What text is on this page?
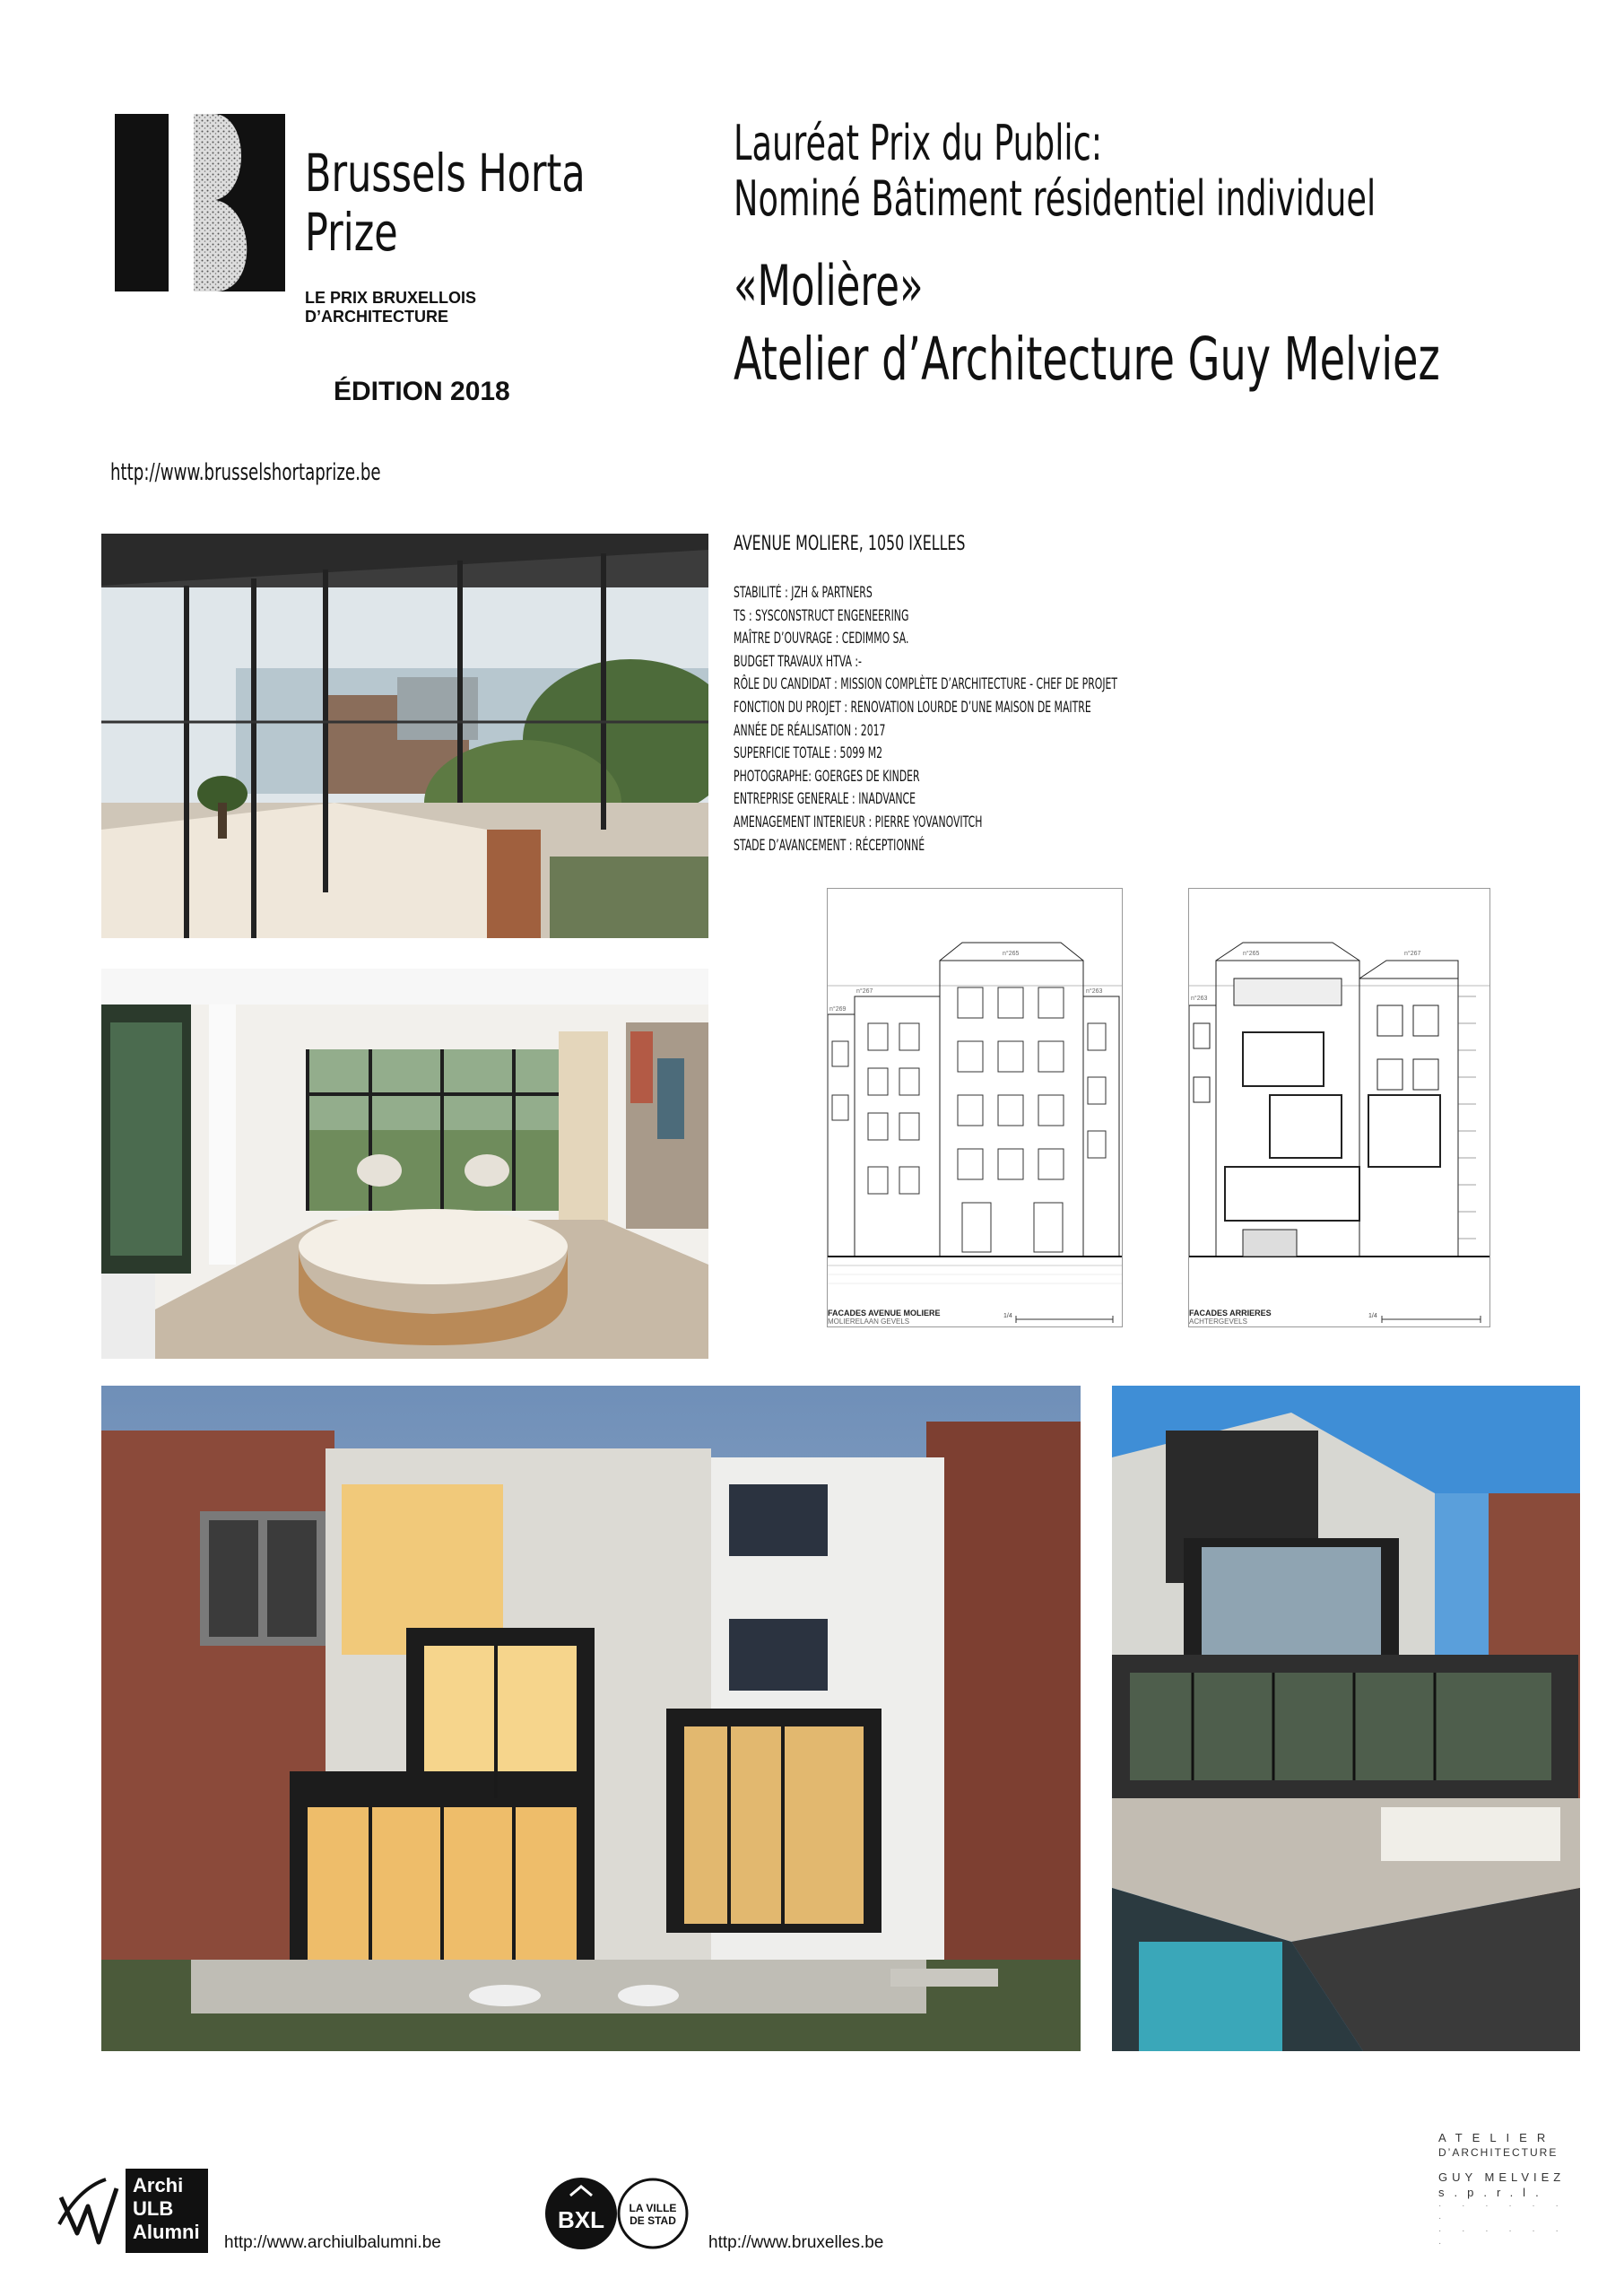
Brussels Horta
Prize
LE PRIX BRUXELLOIS
D’ARCHITECTURE
ÉDITION 2018
Lauréat Prix du Public:
Nominé Bâtiment résidentiel individuel
«Molière»
Atelier d’Architecture Guy Melviez
http://www.brusselshortaprize.be
AVENUE MOLIERE, 1050 IXELLES
STABILITÉ : JZH & PARTNERS
TS : SYSCONSTRUCT ENGENEERING
MAÎTRE D’OUVRAGE : CEDIMMO SA.
BUDGET TRAVAUX HTVA :-
RÔLE DU CANDIDAT : MISSION COMPLÈTE D’ARCHITECTURE - CHEF DE PROJET
FONCTION DU PROJET : RENOVATION LOURDE D’UNE MAISON DE MAITRE
ANNÉE DE RÉALISATION : 2017
SUPERFICIE TOTALE : 5099 M2
PHOTOGRAPHE: GOERGES DE KINDER
ENTREPRISE GENERALE : INADVANCE
AMENAGEMENT INTERIEUR : PIERRE YOVANOVITCH
STADE D’AVANCEMENT : RÉCEPTIONNÉ
n°267
n°265
n°269
n°263
1/4
FACADES AVENUE MOLIERE
MOLIERELAAN GEVELS
n°265	n°267
n°263
1/4
FACADES ARRIERES
ACHTERGEVELS
Archi
ULB
Alumni	http://www.archiulbalumni.be
BXL LA VILLE
DE STAD
http://www.bruxelles.be
ATELIER
D’ARCHITECTURE
GUY MELVIEZ
s.p.r.l.
· · · · · · ·
· · · · · · ·
